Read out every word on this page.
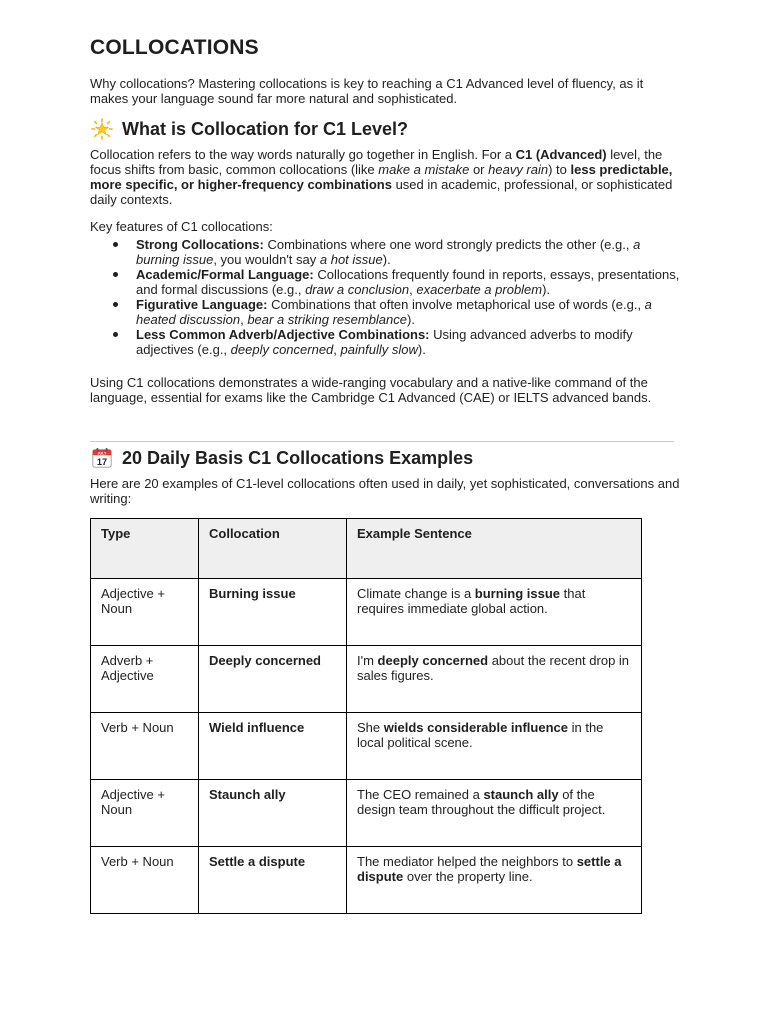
COLLOCATIONS

Why collocations? Mastering collocations is key to reaching a C1 Advanced level of fluency, as it makes your language sound far more natural and sophisticated.

What is Collocation for C1 Level?

Collocation refers to the way words naturally go together in English. For a C1 (Advanced) level, the focus shifts from basic, common collocations (like make a mistake or heavy rain) to less predictable, more specific, or higher-frequency combinations used in academic, professional, or sophisticated daily contexts.

Key features of C1 collocations:

Strong Collocations: Combinations where one word strongly predicts the other (e.g., a burning issue, you wouldn't say a hot issue).
Academic/Formal Language: Collocations frequently found in reports, essays, presentations, and formal discussions (e.g., draw a conclusion, exacerbate a problem).
Figurative Language: Combinations that often involve metaphorical use of words (e.g., a heated discussion, bear a striking resemblance).
Less Common Adverb/Adjective Combinations: Using advanced adverbs to modify adjectives (e.g., deeply concerned, painfully slow).

Using C1 collocations demonstrates a wide-ranging vocabulary and a native-like command of the language, essential for exams like the Cambridge C1 Advanced (CAE) or IELTS advanced bands.

JULY
17 20 Daily Basis C1 Collocations Examples

Here are 20 examples of C1-level collocations often used in daily, yet sophisticated, conversations and writing:

Type	Collocation	Example Sentence
Adjective + Noun	Burning issue	Climate change is a burning issue that requires immediate global action.
Adverb + Adjective	Deeply concerned	I'm deeply concerned about the recent drop in sales figures.
Verb + Noun	Wield influence	She wields considerable influence in the local political scene.
Adjective + Noun	Staunch ally	The CEO remained a staunch ally of the design team throughout the difficult project.
Verb + Noun	Settle a dispute	The mediator helped the neighbors to settle a dispute over the property line.
